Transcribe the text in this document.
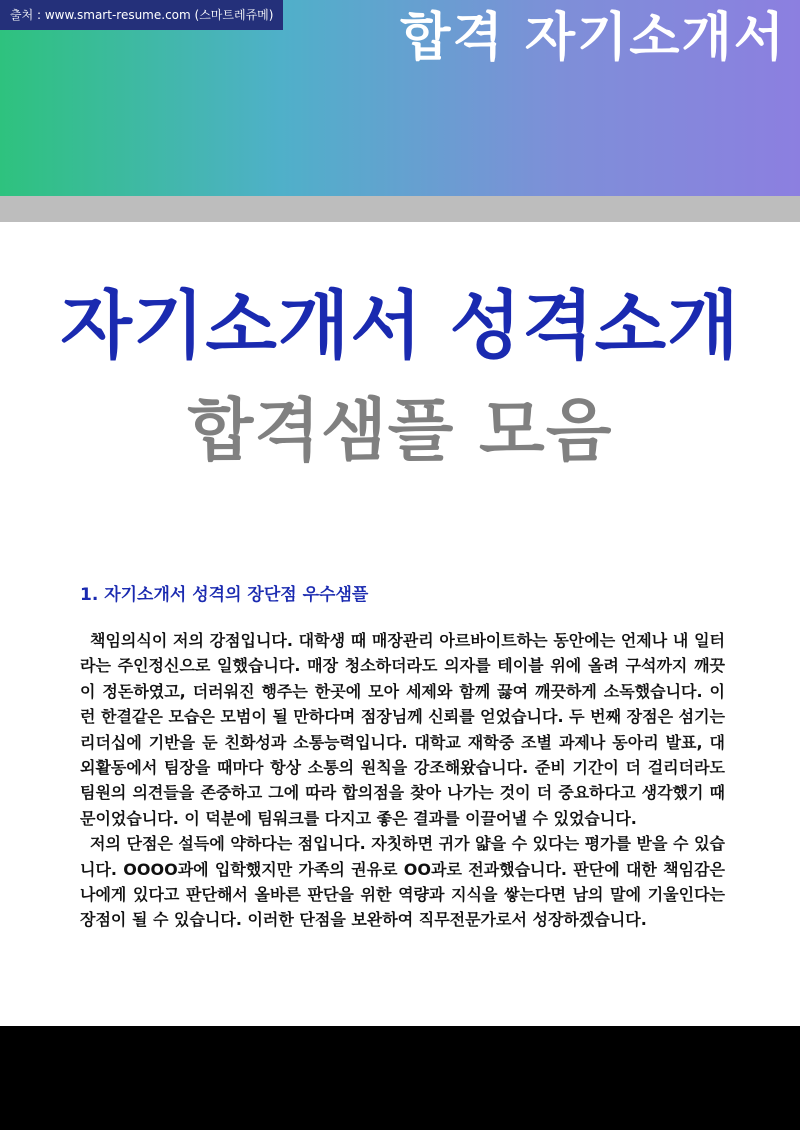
출처 : www.smart-resume.com (스마트레쥬메) 합격 자기소개서
자기소개서 성격소개
합격샘플 모음
1. 자기소개서 성격의 장단점 우수샘플

책임의식이 저의 강점입니다. 대학생 때 매장관리 아르바이트하는 동안에는 언제나 내 일터라는 주인정신으로 일했습니다. 매장 청소하더라도 의자를 테이블 위에 올려 구석까지 깨끗이 정돈하였고, 더러워진 행주는 한곳에 모아 세제와 함께 끓여 깨끗하게 소독했습니다. 이런 한결같은 모습은 모범이 될 만하다며 점장님께 신뢰를 얻었습니다. 두 번째 장점은 섬기는 리더십에 기반을 둔 친화성과 소통능력입니다. 대학교 재학중 조별 과제나 동아리 발표, 대외활동에서 팀장을 때마다 항상 소통의 원칙을 강조해왔습니다. 준비 기간이 더 걸리더라도 팀원의 의견들을 존중하고 그에 따라 합의점을 찾아 나가는 것이 더 중요하다고 생각했기 때문이었습니다. 이 덕분에 팀워크를 다지고 좋은 결과를 이끌어낼 수 있었습니다.

저의 단점은 설득에 약하다는 점입니다. 자칫하면 귀가 얇을 수 있다는 평가를 받을 수 있습니다. OOOO과에 입학했지만 가족의 권유로 OO과로 전과했습니다. 판단에 대한 책임감은 나에게 있다고 판단해서 올바른 판단을 위한 역량과 지식을 쌓는다면 남의 말에 기울인다는 장점이 될 수 있습니다. 이러한 단점을 보완하여 직무전문가로서 성장하겠습니다.
